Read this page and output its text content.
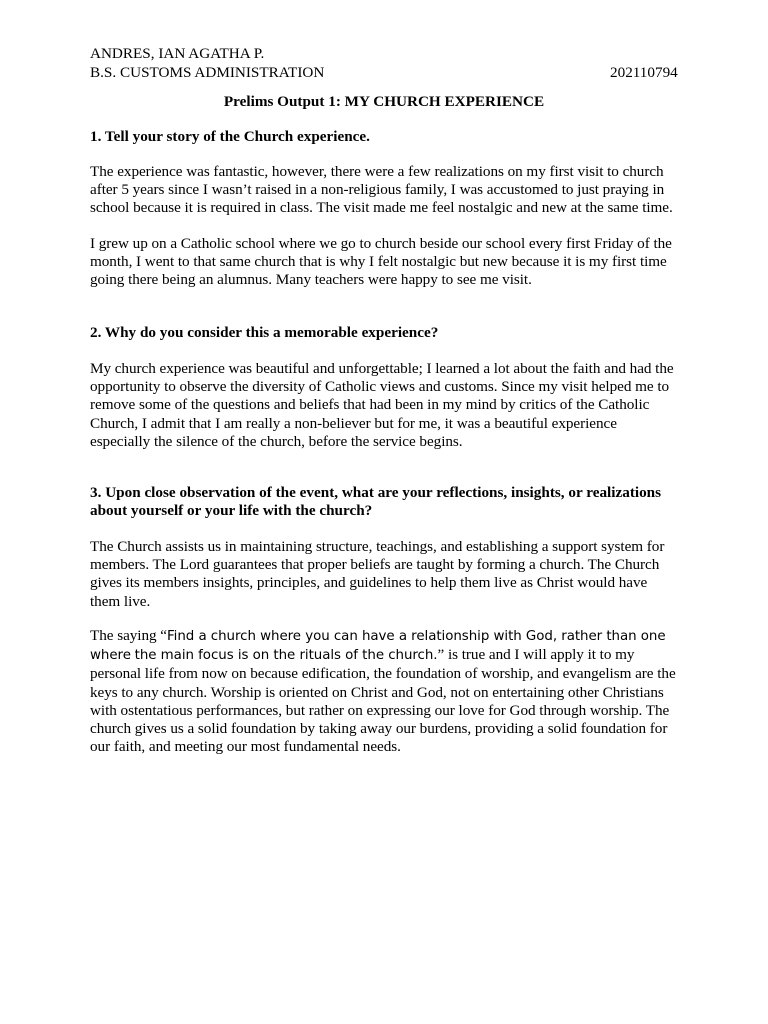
ANDRES, IAN AGATHA P.
B.S. CUSTOMS ADMINISTRATION	202110794
Prelims Output 1: MY CHURCH EXPERIENCE
1. Tell your story of the Church experience.
The experience was fantastic, however, there were a few realizations on my first visit to church after 5 years since I wasn’t raised in a non-religious family, I was accustomed to just praying in school because it is required in class. The visit made me feel nostalgic and new at the same time.
I grew up on a Catholic school where we go to church beside our school every first Friday of the month, I went to that same church that is why I felt nostalgic but new because it is my first time going there being an alumnus. Many teachers were happy to see me visit.
2. Why do you consider this a memorable experience?
My church experience was beautiful and unforgettable; I learned a lot about the faith and had the opportunity to observe the diversity of Catholic views and customs. Since my visit helped me to remove some of the questions and beliefs that had been in my mind by critics of the Catholic Church, I admit that I am really a non-believer but for me, it was a beautiful experience especially the silence of the church, before the service begins.
3. Upon close observation of the event, what are your reflections, insights, or realizations about yourself or your life with the church?
The Church assists us in maintaining structure, teachings, and establishing a support system for members. The Lord guarantees that proper beliefs are taught by forming a church. The Church gives its members insights, principles, and guidelines to help them live as Christ would have them live.
The saying “Find a church where you can have a relationship with God, rather than one where the main focus is on the rituals of the church.” is true and I will apply it to my personal life from now on because edification, the foundation of worship, and evangelism are the keys to any church. Worship is oriented on Christ and God, not on entertaining other Christians with ostentatious performances, but rather on expressing our love for God through worship. The church gives us a solid foundation by taking away our burdens, providing a solid foundation for our faith, and meeting our most fundamental needs.
